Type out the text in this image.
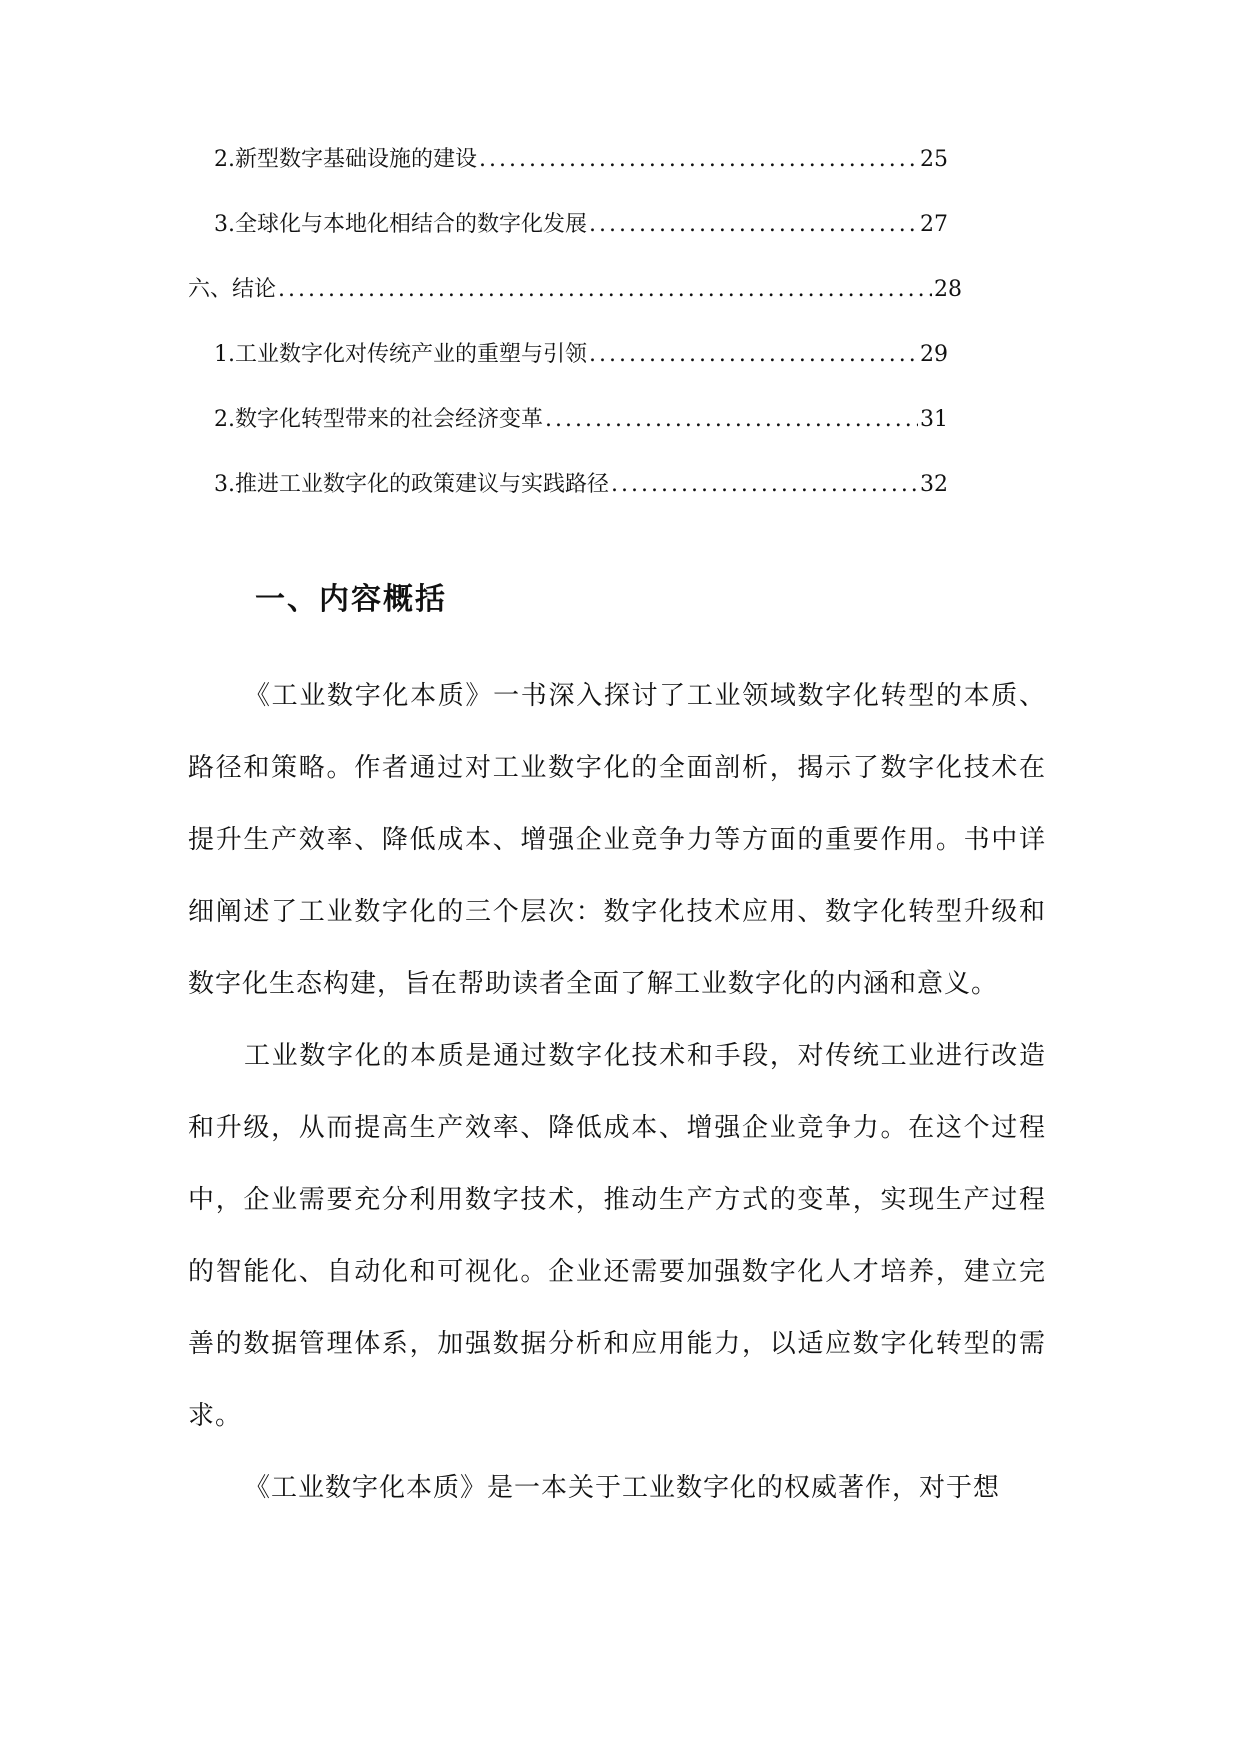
2. 新型数字基础设施的建设 .....	25
3. 全球化与本地化相结合的数字化发展 .....	27
六、结论 .....	28
1. 工业数字化对传统产业的重塑与引领 .....	29
2. 数字化转型带来的社会经济变革 .....	31
3. 推进工业数字化的政策建议与实践路径 .....	32
一、内容概括

《工业数字化本质》一书深入探讨了工业领域数字化转型的本质、路径和策略。作者通过对工业数字化的全面剖析，揭示了数字化技术在提升生产效率、降低成本、增强企业竞争力等方面的重要作用。书中详细阐述了工业数字化的三个层次：数字化技术应用、数字化转型升级和数字化生态构建，旨在帮助读者全面了解工业数字化的内涵和意义。

工业数字化的本质是通过数字化技术和手段，对传统工业进行改造和升级，从而提高生产效率、降低成本、增强企业竞争力。在这个过程中，企业需要充分利用数字技术，推动生产方式的变革，实现生产过程的智能化、自动化和可视化。企业还需要加强数字化人才培养，建立完善的数据管理体系，加强数据分析和应用能力，以适应数字化转型的需求。

《工业数字化本质》是一本关于工业数字化的权威著作，对于想
